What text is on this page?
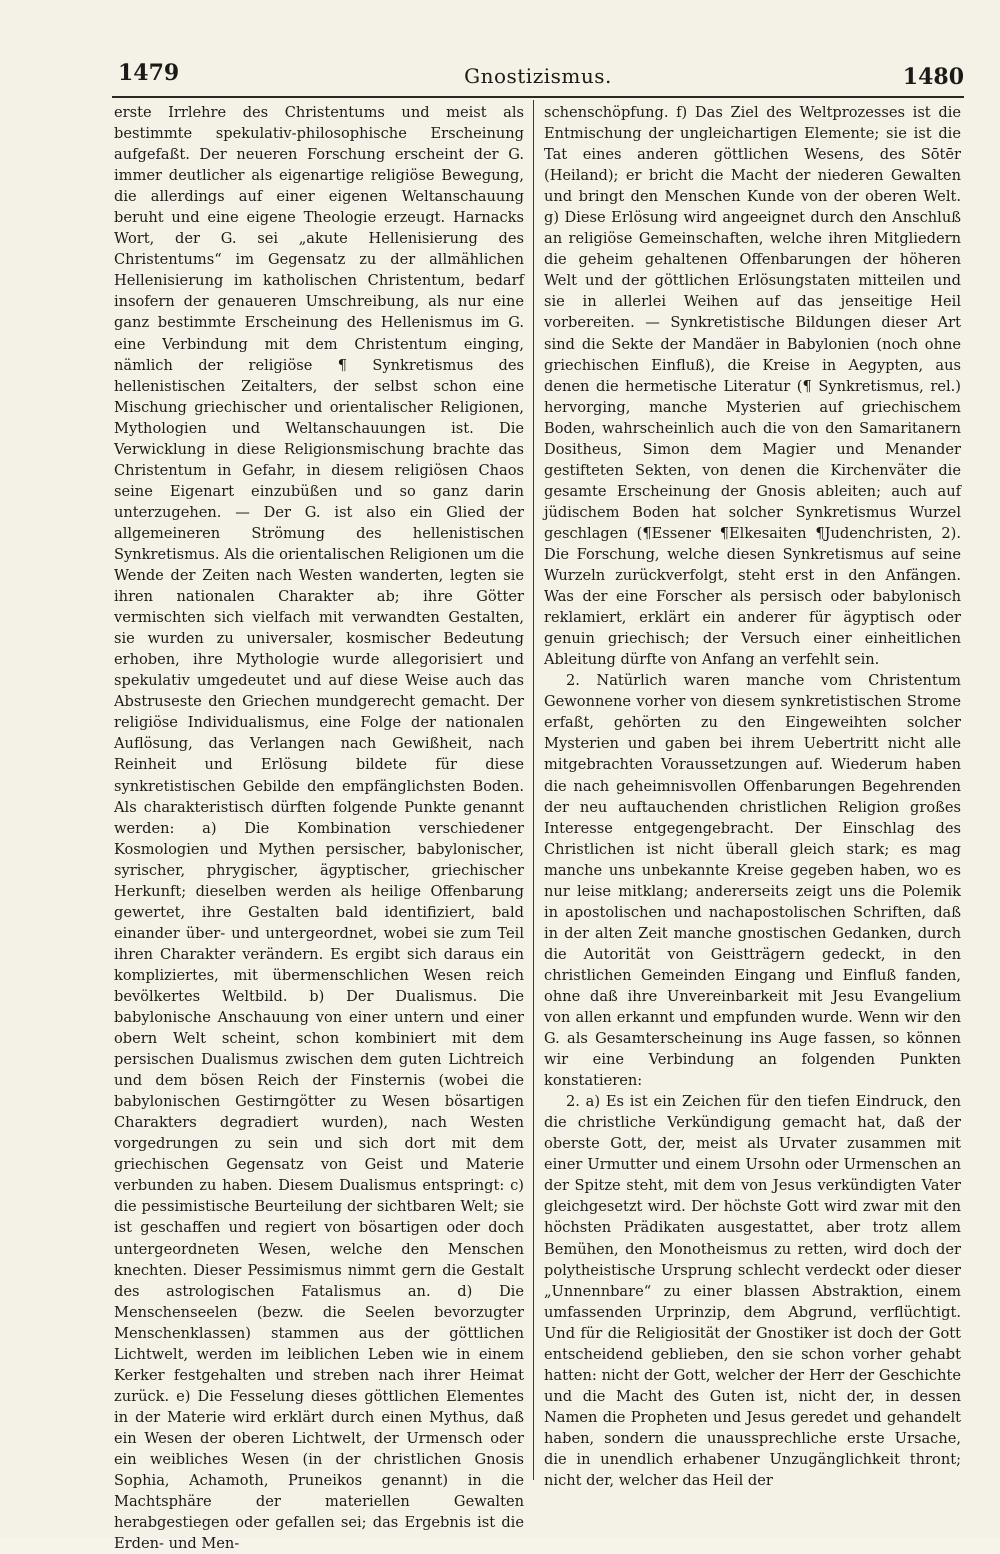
1479	Gnostizismus.	1480

erste Irrlehre des Christentums und meist als bestimmte spekulativ-philosophische Erscheinung aufgefaßt. Der neueren Forschung erscheint der G. immer deutlicher als eigenartige religiöse Bewegung, die allerdings auf einer eigenen Weltanschauung beruht und eine eigene Theologie erzeugt. Harnacks Wort, der G. sei „akute Hellenisierung des Christentums“ im Gegensatz zu der allmählichen Hellenisierung im katholischen Christentum, bedarf insofern der genaueren Umschreibung, als nur eine ganz bestimmte Erscheinung des Hellenismus im G. eine Verbindung mit dem Christentum einging, nämlich der religiöse ¶ Synkretismus des hellenistischen Zeitalters, der selbst schon eine Mischung griechischer und orientalischer Religionen, Mythologien und Weltanschauungen ist. Die Verwicklung in diese Religionsmischung brachte das Christentum in Gefahr, in diesem religiösen Chaos seine Eigenart einzubüßen und so ganz darin unterzugehen. — Der G. ist also ein Glied der allgemeineren Strömung des hellenistischen Synkretismus. Als die orientalischen Religionen um die Wende der Zeiten nach Westen wanderten, legten sie ihren nationalen Charakter ab; ihre Götter vermischten sich vielfach mit verwandten Gestalten, sie wurden zu universaler, kosmischer Bedeutung erhoben, ihre Mythologie wurde allegorisiert und spekulativ umgedeutet und auf diese Weise auch das Abstruseste den Griechen mundgerecht gemacht. Der religiöse Individualismus, eine Folge der nationalen Auflösung, das Verlangen nach Gewißheit, nach Reinheit und Erlösung bildete für diese synkretistischen Gebilde den empfänglichsten Boden. Als charakteristisch dürften folgende Punkte genannt werden: a) Die Kombination verschiedener Kosmologien und Mythen persischer, babylonischer, syrischer, phrygischer, ägyptischer, griechischer Herkunft; dieselben werden als heilige Offenbarung gewertet, ihre Gestalten bald identifiziert, bald einander über- und untergeordnet, wobei sie zum Teil ihren Charakter verändern. Es ergibt sich daraus ein kompliziertes, mit übermenschlichen Wesen reich bevölkertes Weltbild. b) Der Dualismus. Die babylonische Anschauung von einer untern und einer obern Welt scheint, schon kombiniert mit dem persischen Dualismus zwischen dem guten Lichtreich und dem bösen Reich der Finsternis (wobei die babylonischen Gestirngötter zu Wesen bösartigen Charakters degradiert wurden), nach Westen vorgedrungen zu sein und sich dort mit dem griechischen Gegensatz von Geist und Materie verbunden zu haben. Diesem Dualismus entspringt: c) die pessimistische Beurteilung der sichtbaren Welt; sie ist geschaffen und regiert von bösartigen oder doch untergeordneten Wesen, welche den Menschen knechten. Dieser Pessimismus nimmt gern die Gestalt des astrologischen Fatalismus an. d) Die Menschenseelen (bezw. die Seelen bevorzugter Menschenklassen) stammen aus der göttlichen Lichtwelt, werden im leiblichen Leben wie in einem Kerker festgehalten und streben nach ihrer Heimat zurück. e) Die Fesselung dieses göttlichen Elementes in der Materie wird erklärt durch einen Mythus, daß ein Wesen der oberen Lichtwelt, der Urmensch oder ein weibliches Wesen (in der christlichen Gnosis Sophia, Achamoth, Pruneikos genannt) in die Machtsphäre der materiellen Gewalten herabgestiegen oder gefallen sei; das Ergebnis ist die Erden- und Men-

schenschöpfung. f) Das Ziel des Weltprozesses ist die Entmischung der ungleichartigen Elemente; sie ist die Tat eines anderen göttlichen Wesens, des Sōtēr (Heiland); er bricht die Macht der niederen Gewalten und bringt den Menschen Kunde von der oberen Welt. g) Diese Erlösung wird angeeignet durch den Anschluß an religiöse Gemeinschaften, welche ihren Mitgliedern die geheim gehaltenen Offenbarungen der höheren Welt und der göttlichen Erlösungstaten mitteilen und sie in allerlei Weihen auf das jenseitige Heil vorbereiten. — Synkretistische Bildungen dieser Art sind die Sekte der Mandäer in Babylonien (noch ohne griechischen Einfluß), die Kreise in Aegypten, aus denen die hermetische Literatur (¶ Synkretismus, rel.) hervorging, manche Mysterien auf griechischem Boden, wahrscheinlich auch die von den Samaritanern Dositheus, Simon dem Magier und Menander gestifteten Sekten, von denen die Kirchenväter die gesamte Erscheinung der Gnosis ableiten; auch auf jüdischem Boden hat solcher Synkretismus Wurzel geschlagen (¶Essener ¶Elkesaiten ¶Judenchristen, 2). Die Forschung, welche diesen Synkretismus auf seine Wurzeln zurückverfolgt, steht erst in den Anfängen. Was der eine Forscher als persisch oder babylonisch reklamiert, erklärt ein anderer für ägyptisch oder genuin griechisch; der Versuch einer einheitlichen Ableitung dürfte von Anfang an verfehlt sein.

2. Natürlich waren manche vom Christentum Gewonnene vorher von diesem synkretistischen Strome erfaßt, gehörten zu den Eingeweihten solcher Mysterien und gaben bei ihrem Uebertritt nicht alle mitgebrachten Voraussetzungen auf. Wiederum haben die nach geheimnisvollen Offenbarungen Begehrenden der neu auftauchenden christlichen Religion großes Interesse entgegengebracht. Der Einschlag des Christlichen ist nicht überall gleich stark; es mag manche uns unbekannte Kreise gegeben haben, wo es nur leise mitklang; andererseits zeigt uns die Polemik in apostolischen und nachapostolischen Schriften, daß in der alten Zeit manche gnostischen Gedanken, durch die Autorität von Geistträgern gedeckt, in den christlichen Gemeinden Eingang und Einfluß fanden, ohne daß ihre Unvereinbarkeit mit Jesu Evangelium von allen erkannt und empfunden wurde. Wenn wir den G. als Gesamterscheinung ins Auge fassen, so können wir eine Verbindung an folgenden Punkten konstatieren:

2. a) Es ist ein Zeichen für den tiefen Eindruck, den die christliche Verkündigung gemacht hat, daß der oberste Gott, der, meist als Urvater zusammen mit einer Urmutter und einem Ursohn oder Urmenschen an der Spitze steht, mit dem von Jesus verkündigten Vater gleichgesetzt wird. Der höchste Gott wird zwar mit den höchsten Prädikaten ausgestattet, aber trotz allem Bemühen, den Monotheismus zu retten, wird doch der polytheistische Ursprung schlecht verdeckt oder dieser „Unnennbare“ zu einer blassen Abstraktion, einem umfassenden Urprinzip, dem Abgrund, verflüchtigt. Und für die Religiosität der Gnostiker ist doch der Gott entscheidend geblieben, den sie schon vorher gehabt hatten: nicht der Gott, welcher der Herr der Geschichte und die Macht des Guten ist, nicht der, in dessen Namen die Propheten und Jesus geredet und gehandelt haben, sondern die unaussprechliche erste Ursache, die in unendlich erhabener Unzugänglichkeit thront; nicht der, welcher das Heil der
